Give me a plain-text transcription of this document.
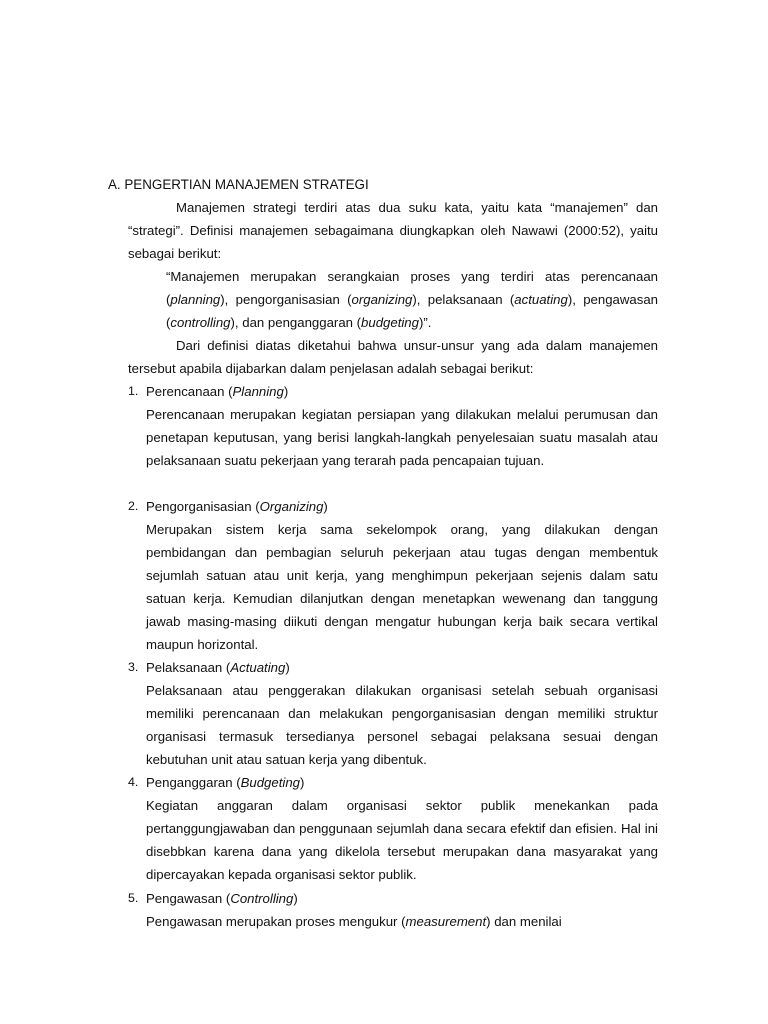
A. PENGERTIAN MANAJEMEN STRATEGI
Manajemen strategi terdiri atas dua suku kata, yaitu kata “manajemen” dan “strategi”. Definisi manajemen sebagaimana diungkapkan oleh Nawawi (2000:52), yaitu sebagai berikut:
“Manajemen merupakan serangkaian proses yang terdiri atas perencanaan (planning), pengorganisasian (organizing), pelaksanaan (actuating), pengawasan (controlling), dan penganggaran (budgeting)”.
Dari definisi diatas diketahui bahwa unsur-unsur yang ada dalam manajemen tersebut apabila dijabarkan dalam penjelasan adalah sebagai berikut:
1. Perencanaan (Planning)
Perencanaan merupakan kegiatan persiapan yang dilakukan melalui perumusan dan penetapan keputusan, yang berisi langkah-langkah penyelesaian suatu masalah atau pelaksanaan suatu pekerjaan yang terarah pada pencapaian tujuan.
2. Pengorganisasian (Organizing)
Merupakan sistem kerja sama sekelompok orang, yang dilakukan dengan pembidangan dan pembagian seluruh pekerjaan atau tugas dengan membentuk sejumlah satuan atau unit kerja, yang menghimpun pekerjaan sejenis dalam satu satuan kerja. Kemudian dilanjutkan dengan menetapkan wewenang dan tanggung jawab masing-masing diikuti dengan mengatur hubungan kerja baik secara vertikal maupun horizontal.
3. Pelaksanaan (Actuating)
Pelaksanaan atau penggerakan dilakukan organisasi setelah sebuah organisasi memiliki perencanaan dan melakukan pengorganisasian dengan memiliki struktur organisasi termasuk tersedianya personel sebagai pelaksana sesuai dengan kebutuhan unit atau satuan kerja yang dibentuk.
4. Penganggaran (Budgeting)
Kegiatan anggaran dalam organisasi sektor publik menekankan pada pertanggungjawaban dan penggunaan sejumlah dana secara efektif dan efisien. Hal ini disebbkan karena dana yang dikelola tersebut merupakan dana masyarakat yang dipercayakan kepada organisasi sektor publik.
5. Pengawasan (Controlling)
Pengawasan merupakan proses mengukur (measurement) dan menilai
